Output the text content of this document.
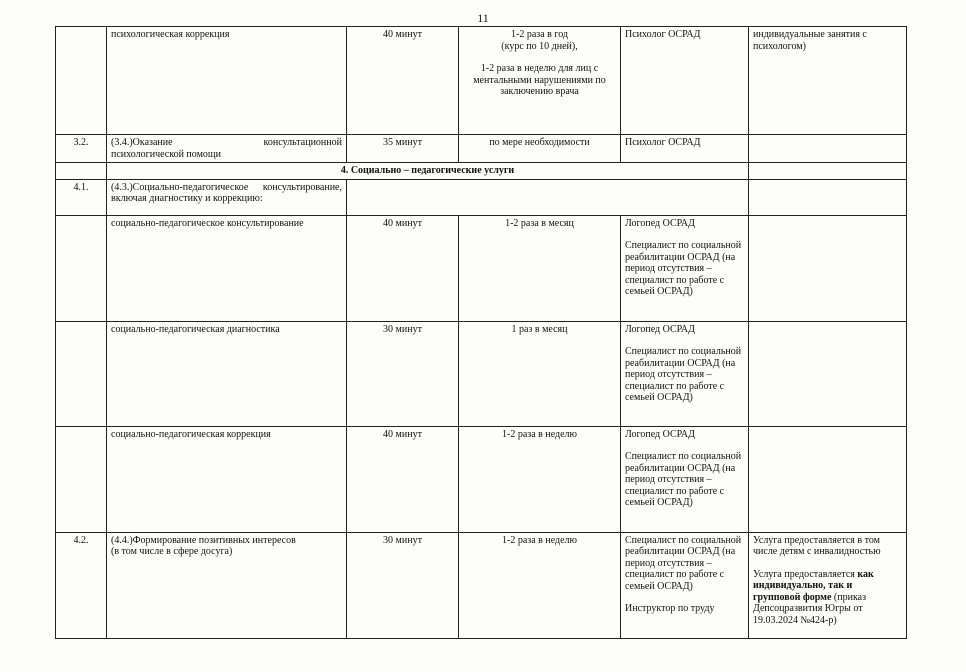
11
	психологическая коррекция	40 минут	1-2 раза в год
(курс по 10 дней),
1-2 раза в неделю для лиц с ментальными нарушениями по заключению врача	Психолог ОСРАД	индивидуальные занятия с психологом)
3.2.	(3.4.)Оказание консультационной
психологической помощи	35 минут	по мере необходимости	Психолог ОСРАД	
	4. Социально – педагогические услуги				
4.1.	(4.3.)Социально-педагогическое консультирование, включая диагностику и коррекцию:				
	социально-педагогическое консультирование	40 минут	1-2 раза в месяц	Логопед ОСРАД
Специалист по социальной реабилитации ОСРАД (на период отсутствия – специалист по работе с семьей ОСРАД)	

	социально-педагогическая диагностика	30 минут	1 раз в месяц	Логопед ОСРАД
Специалист по социальной реабилитации ОСРАД (на период отсутствия – специалист по работе с семьей ОСРАД)	

	социально-педагогическая коррекция	40 минут	1-2 раза в неделю	Логопед ОСРАД
Специалист по социальной реабилитации ОСРАД (на период отсутствия – специалист по работе с семьей ОСРАД)	

4.2.	(4.4.)Формирование позитивных интересов
(в том числе в сфере досуга)	30 минут	1-2 раза в неделю	Специалист по социальной реабилитации ОСРАД (на период отсутствия – специалист по работе с семьей ОСРАД)
Инструктор по труду	Услуга предоставляется в том числе детям с инвалидностью
Услуга предоставляется как индивидуально, так и групповой форме (приказ Депсоцразвития Югры от 19.03.2024 №424-р)
